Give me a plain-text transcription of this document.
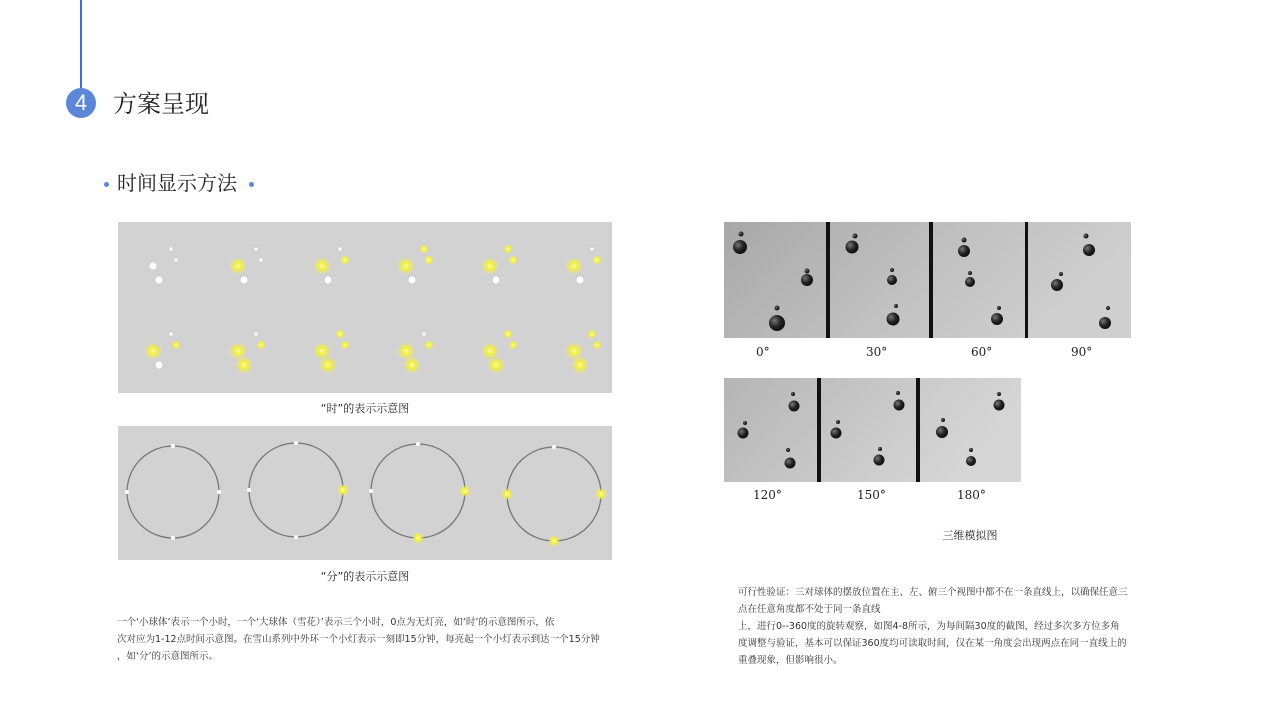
4	方案呈现
时间显示方法
“时”的表示示意图
“分”的表示示意图

一个‘小球体’表示一个小时，一个‘大球体（雪花）’表示三个小时，0点为无灯亮，如‘时’的示意图所示，依

次对应为1-12点时间示意图。在雪山系列中外环一个小灯表示一刻即15分钟，每亮起一个小灯表示到达一个15分钟

，如‘分’的示意图所示。

0°	30°	60°	90°
120°	150°	180°
三维模拟图

可行性验证：三对球体的摆放位置在主、左、俯三个视图中都不在一条直线上，以确保任意三

点在任意角度都不处于同一条直线

上，进行0--360度的旋转观察，如图4-8所示，为每间隔30度的截图，经过多次多方位多角

度调整与验证，基本可以保证360度均可读取时间，仅在某一角度会出现两点在同一直线上的

重叠现象，但影响很小。
